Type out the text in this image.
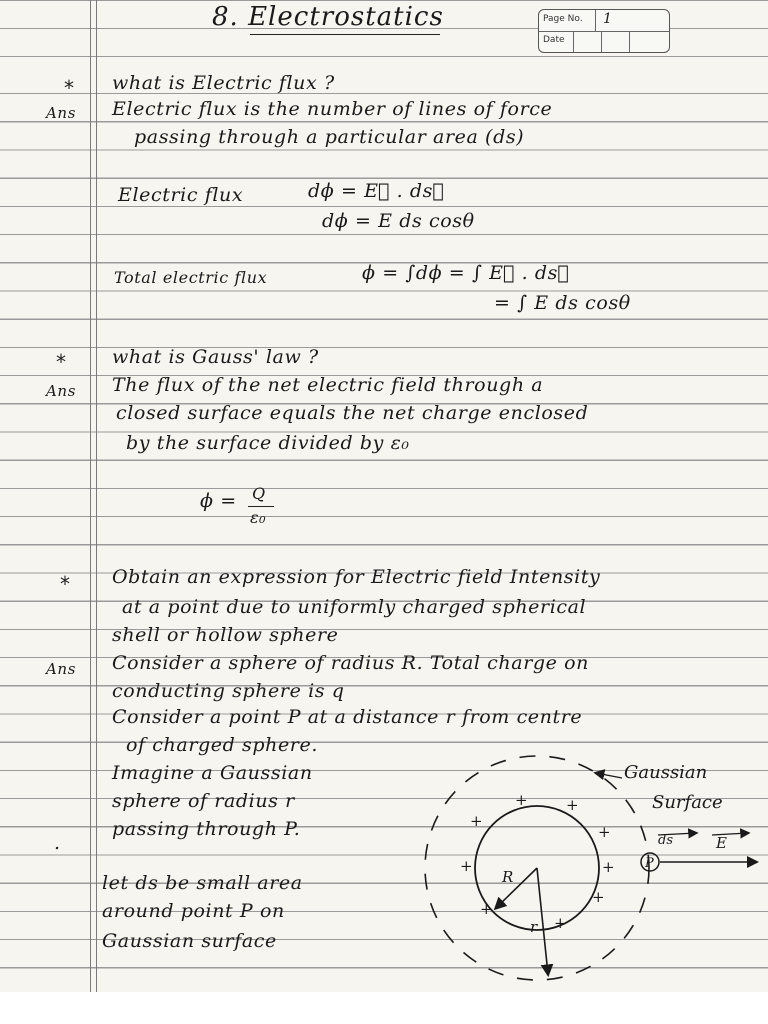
8. Electrostatics	Page No. 1
Date
* what is Electric flux ?
Ans Electric flux is the number of lines of force
passing through a particular area (ds)
Electric flux	dϕ = E⃗ . ds⃗
dϕ = E ds cosθ
Total electric flux	ϕ = ∫dϕ = ∫ E⃗ . ds⃗
= ∫ E ds cosθ
* what is Gauss' law ?
Ans The flux of the net electric field through a
closed surface equals the net charge enclosed
by the surface divided by ε₀
ϕ = Q
ε₀
* Obtain an expression for Electric field Intensity
at a point due to uniformly charged spherical
shell or hollow sphere
Ans Consider a sphere of radius R. Total charge on
conducting sphere is q
Consider a point P at a distance r from centre
of charged sphere.
Imagine a Gaussian
sphere of radius r
passing through P.
.
let ds be small area
around point P on
Gaussian surface
Gaussian
Surface
ds	E
P
R
r
+	+
+
+
+	+
+
+
+
